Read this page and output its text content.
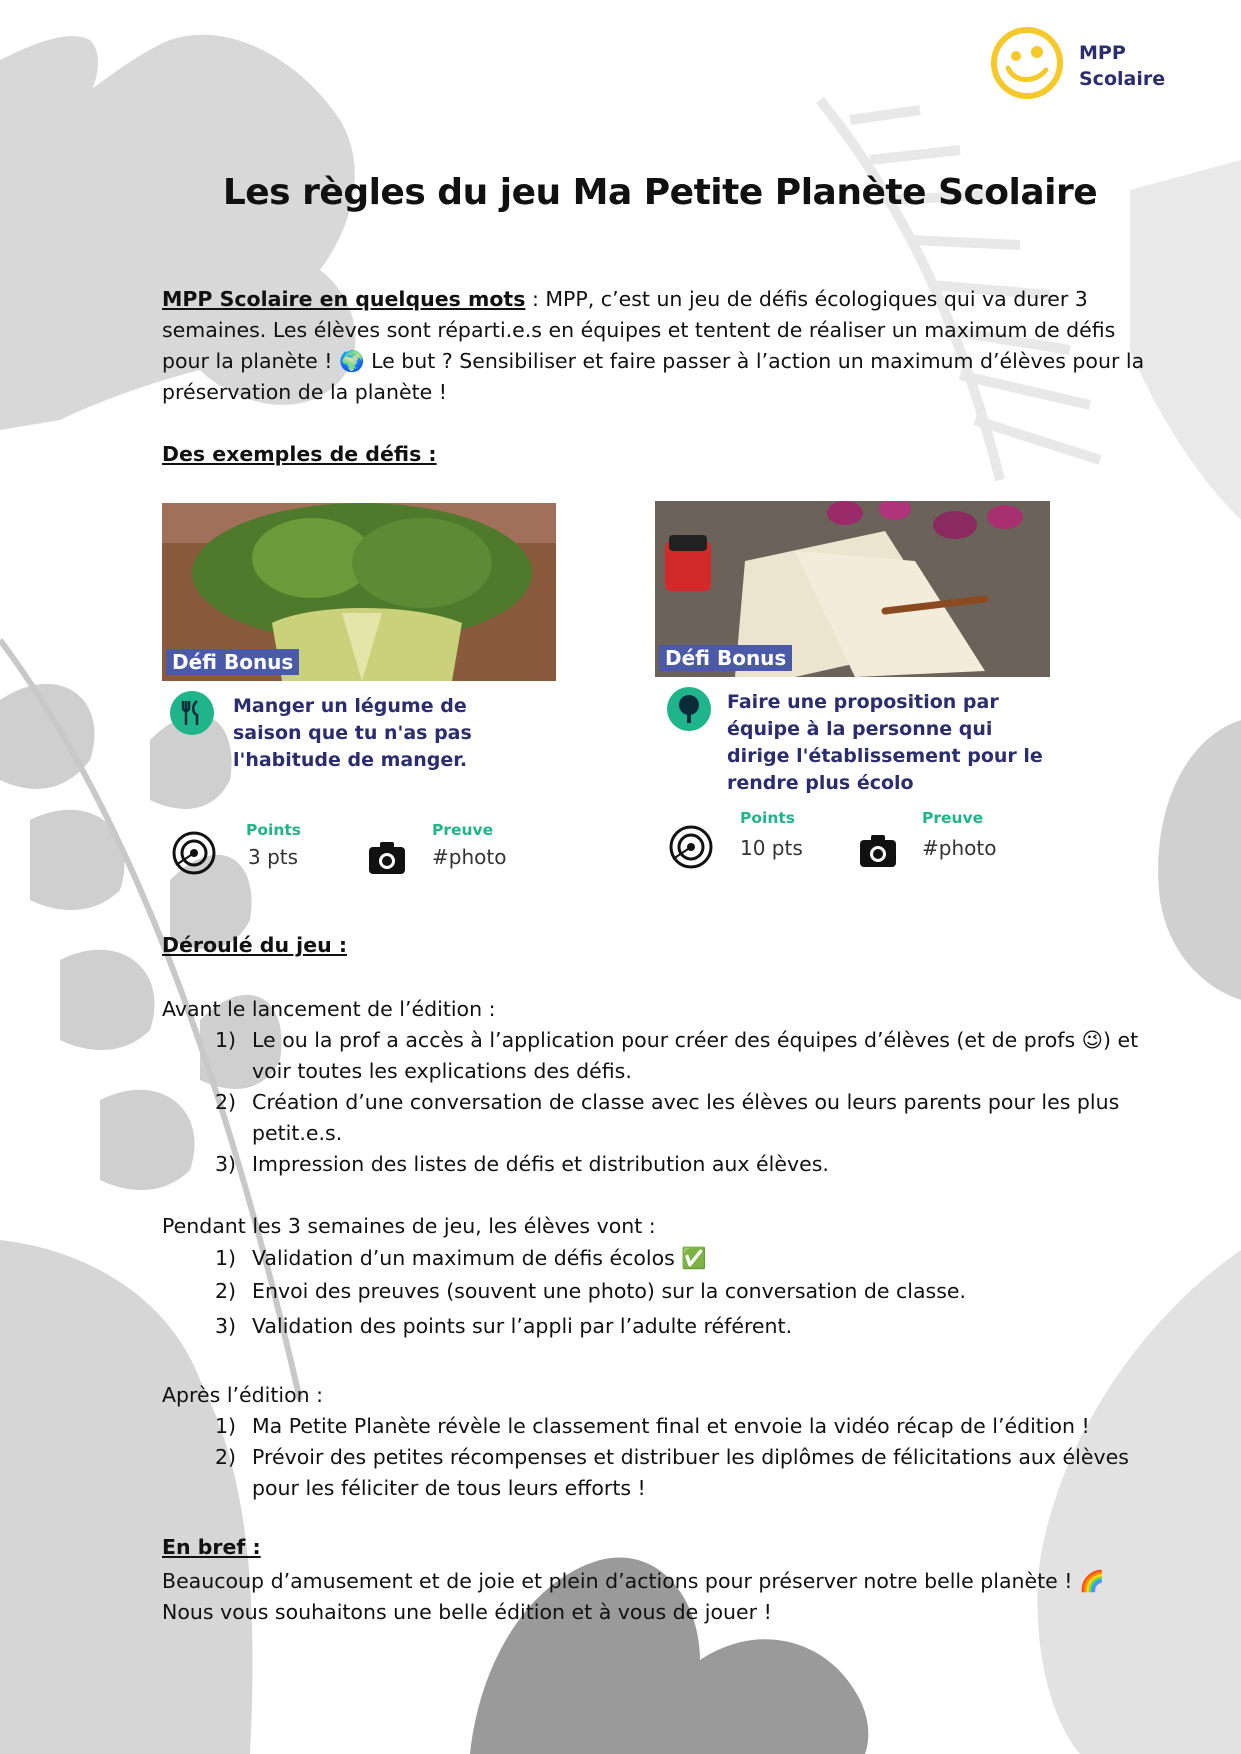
MPP
Scolaire
Les règles du jeu Ma Petite Planète Scolaire
MPP Scolaire en quelques mots : MPP, c’est un jeu de défis écologiques qui va durer 3 semaines. Les élèves sont réparti.e.s en équipes et tentent de réaliser un maximum de défis pour la planète ! 🌍 Le but ? Sensibiliser et faire passer à l’action un maximum d’élèves pour la préservation de la planète !
Des exemples de défis :
Défi Bonus
Manger un légume de saison que tu n'as pas l'habitude de manger.
Points
3 pts
Preuve
#photo
Défi Bonus
Faire une proposition par équipe à la personne qui dirige l'établissement pour le rendre plus écolo
Points
10 pts
Preuve
#photo
Déroulé du jeu :
Avant le lancement de l’édition :
1) Le ou la prof a accès à l’application pour créer des équipes d’élèves (et de profs 😉) et voir toutes les explications des défis.
2) Création d’une conversation de classe avec les élèves ou leurs parents pour les plus petit.e.s.
3) Impression des listes de défis et distribution aux élèves.
Pendant les 3 semaines de jeu, les élèves vont :
1) Validation d’un maximum de défis écolos ✅
2) Envoi des preuves (souvent une photo) sur la conversation de classe.
3) Validation des points sur l’appli par l’adulte référent.
Après l’édition :
1) Ma Petite Planète révèle le classement final et envoie la vidéo récap de l’édition !
2) Prévoir des petites récompenses et distribuer les diplômes de félicitations aux élèves pour les féliciter de tous leurs efforts !
En bref :
Beaucoup d’amusement et de joie et plein d’actions pour préserver notre belle planète ! 🌈
Nous vous souhaitons une belle édition et à vous de jouer !
